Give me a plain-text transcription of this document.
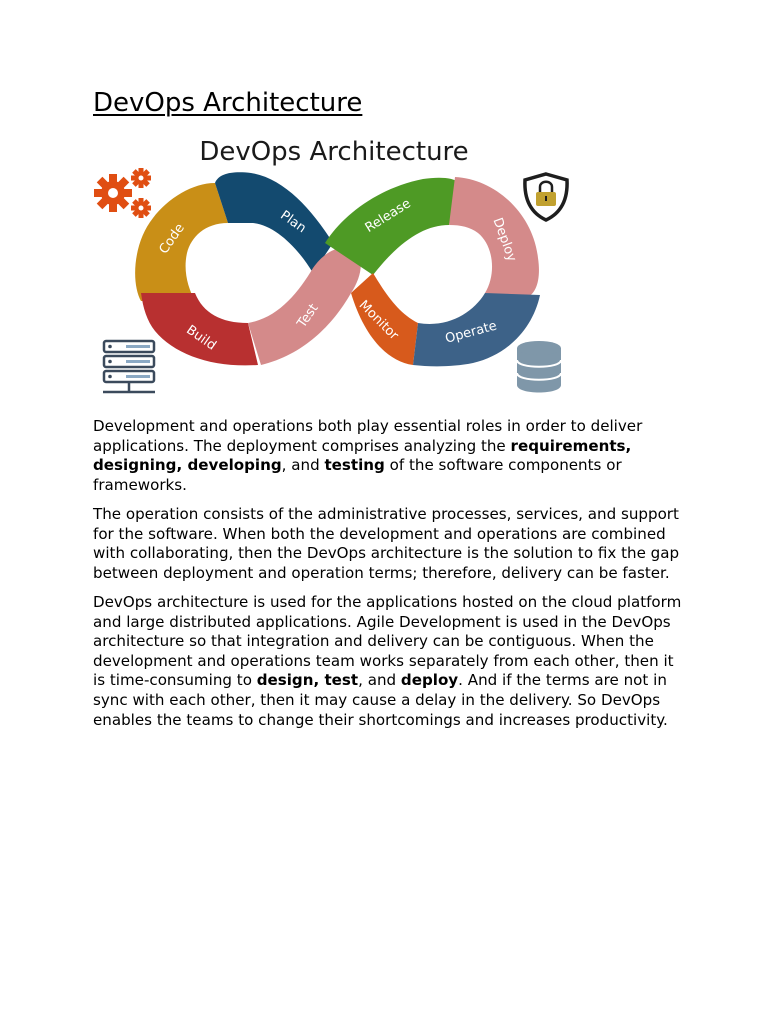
DevOps Architecture
DevOps Architecture
Code	Plan
Build
Test
Release	Deploy
Monitor	Operate

Development and operations both play essential roles in order to deliver applications. The deployment comprises analyzing the requirements, designing, developing, and testing of the software components or frameworks.

The operation consists of the administrative processes, services, and support for the software. When both the development and operations are combined with collaborating, then the DevOps architecture is the solution to fix the gap between deployment and operation terms; therefore, delivery can be faster.

DevOps architecture is used for the applications hosted on the cloud platform and large distributed applications. Agile Development is used in the DevOps architecture so that integration and delivery can be contiguous. When the development and operations team works separately from each other, then it is time-consuming to design, test, and deploy. And if the terms are not in sync with each other, then it may cause a delay in the delivery. So DevOps enables the teams to change their shortcomings and increases productivity.
